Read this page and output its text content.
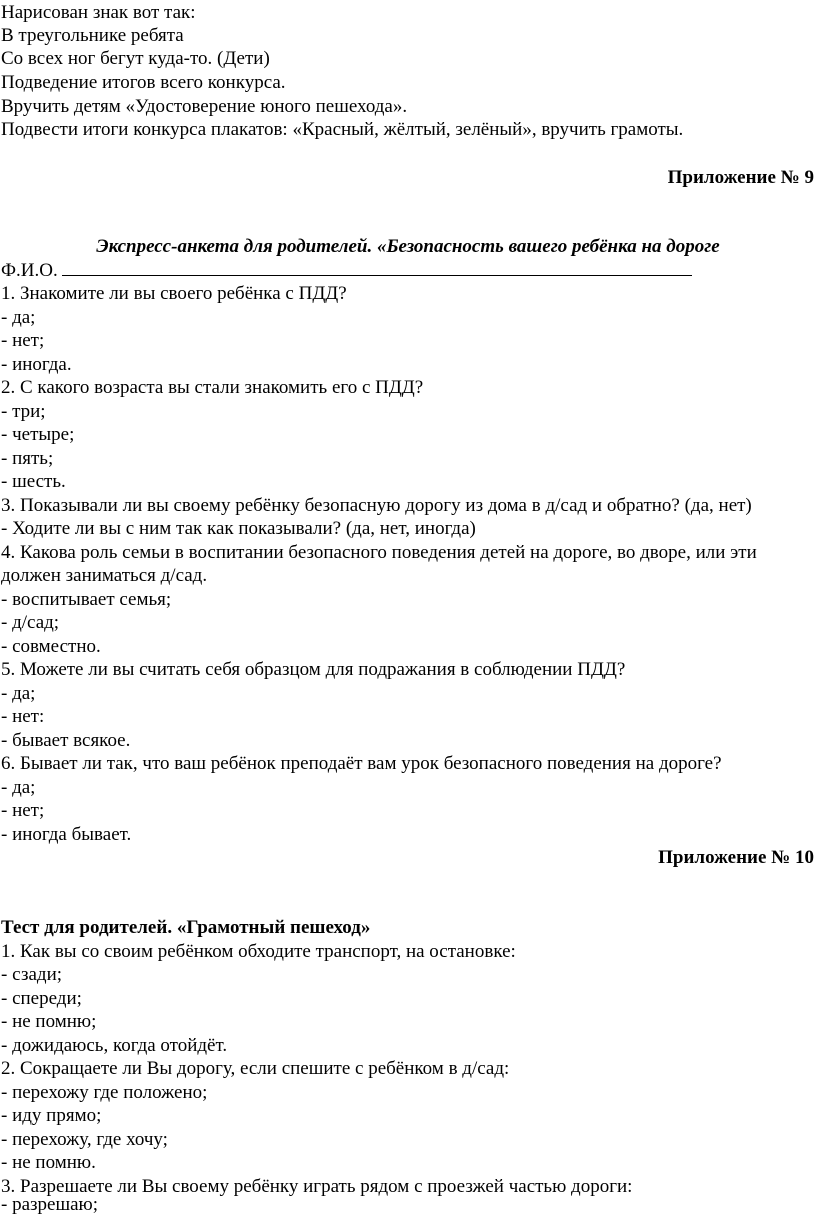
Нарисован знак вот так:
В треугольнике ребята
Со всех ног бегут куда-то. (Дети)
Подведение итогов всего конкурса.
Вручить детям «Удостоверение юного пешехода».
Подвести итоги конкурса плакатов: «Красный, жёлтый, зелёный», вручить грамоты.
Приложение № 9
Экспресс-анкета для родителей. «Безопасность вашего ребёнка на дороге
Ф.И.О.
1. Знакомите ли вы своего ребёнка с ПДД?
- да;
- нет;
- иногда.
2. С какого возраста вы стали знакомить его с ПДД?
- три;
- четыре;
- пять;
- шесть.
3. Показывали ли вы своему ребёнку безопасную дорогу из дома в д/сад и обратно? (да, нет)
- Ходите ли вы с ним так как показывали? (да, нет, иногда)
4. Какова роль семьи в воспитании безопасного поведения детей на дороге, во дворе, или эти
должен заниматься д/сад.
- воспитывает семья;
- д/сад;
- совместно.
5. Можете ли вы считать себя образцом для подражания в соблюдении ПДД?
- да;
- нет:
- бывает всякое.
6. Бывает ли так, что ваш ребёнок преподаёт вам урок безопасного поведения на дороге?
- да;
- нет;
- иногда бывает.
Приложение № 10
Тест для родителей. «Грамотный пешеход»
1. Как вы со своим ребёнком обходите транспорт, на остановке:
- сзади;
- спереди;
- не помню;
- дожидаюсь, когда отойдёт.
2. Сокращаете ли Вы дорогу, если спешите с ребёнком в д/сад:
- перехожу где положено;
- иду прямо;
- перехожу, где хочу;
- не помню.
3. Разрешаете ли Вы своему ребёнку играть рядом с проезжей частью дороги:
- разрешаю;
